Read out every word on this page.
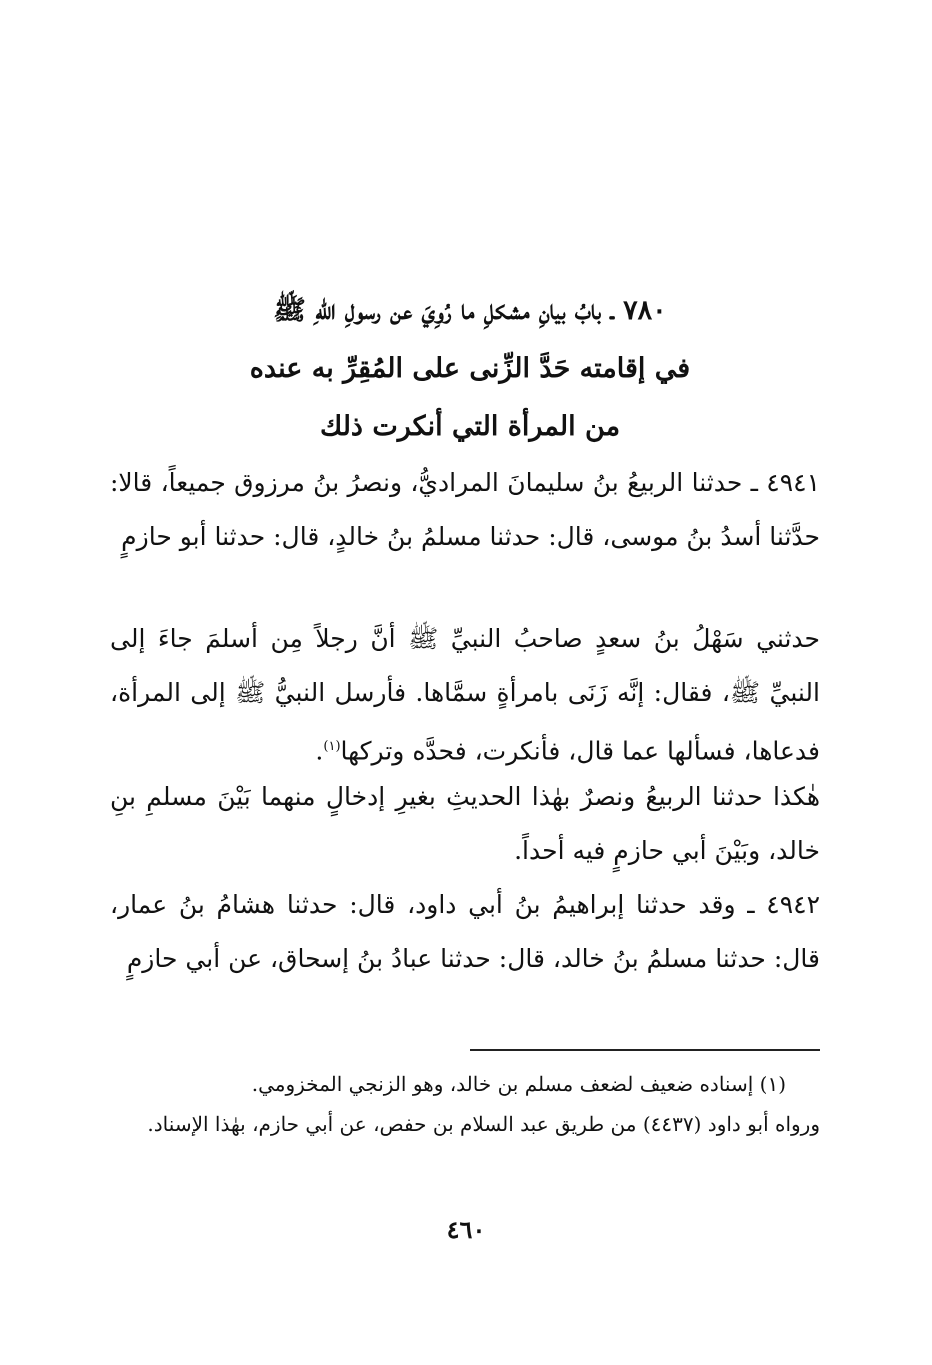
٧٨٠ ـ بابُ بيانِ مشكلِ ما رُوِيَ عن رسولِ اللهِ ﷺ
في إقامته حَدَّ الزِّنى على المُقِرِّ به عنده
من المرأة التي أنكرت ذلك

٤٩٤١ ـ حدثنا الربيعُ بنُ سليمانَ المراديُّ، ونصرُ بنُ مرزوق جميعاً، قالا: حدَّثنا أسدُ بنُ موسى، قال: حدثنا مسلمُ بنُ خالدٍ، قال: حدثنا أبو حازمٍ

حدثني سَهْلُ بنُ سعدٍ صاحبُ النبيِّ ﷺ أنَّ رجلاً مِن أسلمَ جاءَ إلى النبيِّ ﷺ، فقال: إنَّه زَنَى بامرأةٍ سمَّاها. فأرسل النبيُّ ﷺ إلى المرأة، فدعاها، فسألها عما قال، فأنكرت، فحدَّه وتركها$^{(١)}$.

هٰكذا حدثنا الربيعُ ونصرٌ بهٰذا الحديثِ بغيرِ إدخالٍ منهما بَيْنَ مسلمِ بنِ خالد، وبَيْنَ أبي حازمٍ فيه أحداً.

٤٩٤٢ ـ وقد حدثنا إبراهيمُ بنُ أبي داود، قال: حدثنا هشامُ بنُ عمار، قال: حدثنا مسلمُ بنُ خالد، قال: حدثنا عبادُ بنُ إسحاق، عن أبي حازمٍ

(١) إسناده ضعيف لضعف مسلم بن خالد، وهو الزنجي المخزومي.

ورواه أبو داود (٤٤٣٧) من طريق عبد السلام بن حفص، عن أبي حازم، بهٰذا الإسناد.

٤٦٠
